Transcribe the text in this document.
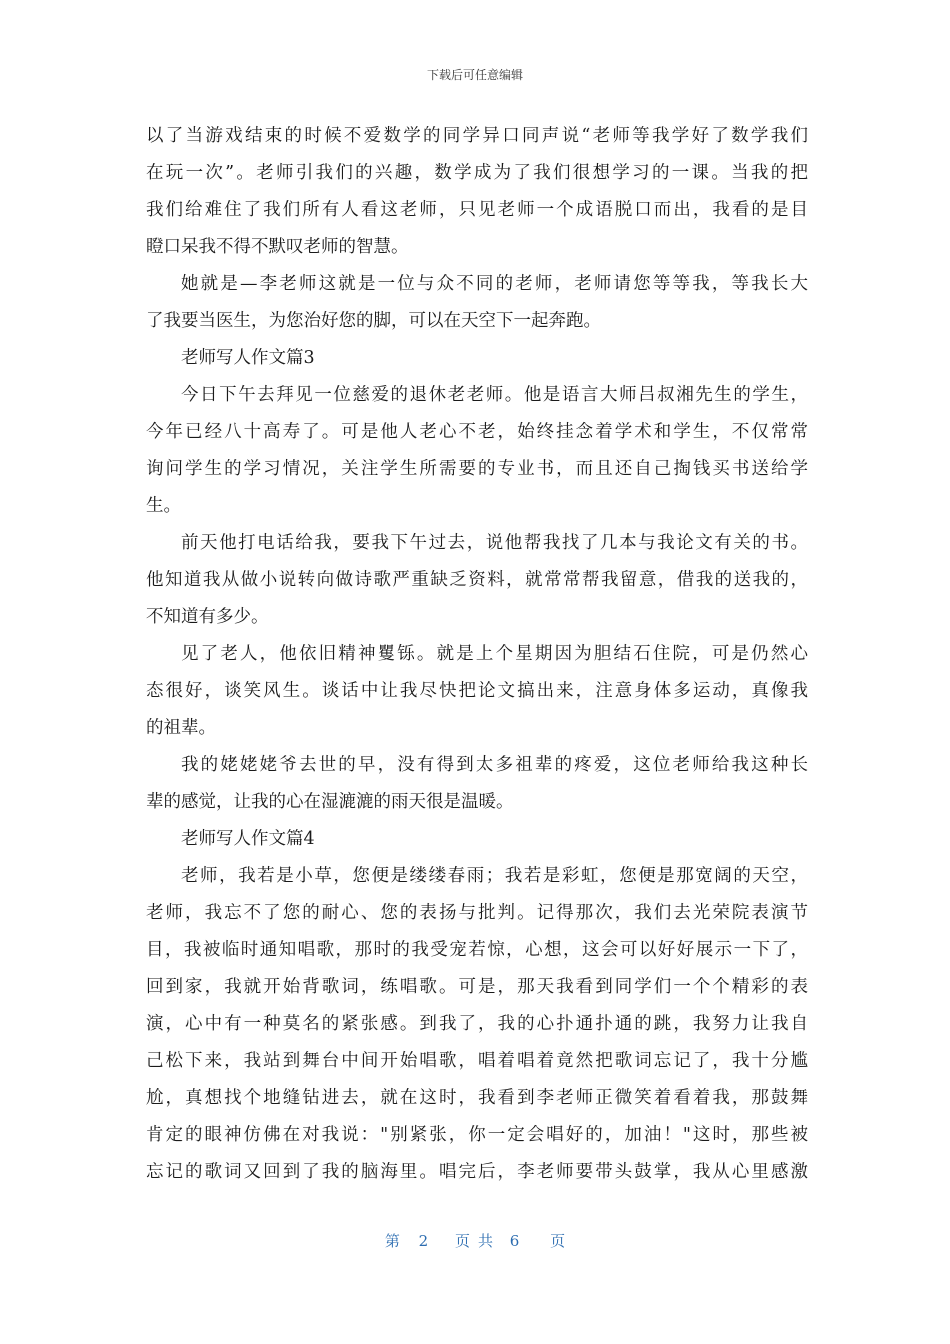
下载后可任意编辑
以了当游戏结束的时候不爱数学的同学异口同声说“老师等我学好了数学我们
在玩一次”。老师引我们的兴趣，数学成为了我们很想学习的一课。当我的把
我们给难住了我们所有人看这老师，只见老师一个成语脱口而出，我看的是目
瞪口呆我不得不默叹老师的智慧。
她就是—李老师这就是一位与众不同的老师，老师请您等等我，等我长大
了我要当医生，为您治好您的脚，可以在天空下一起奔跑。
老师写人作文篇3
今日下午去拜见一位慈爱的退休老老师。他是语言大师吕叔湘先生的学生，
今年已经八十高寿了。可是他人老心不老，始终挂念着学术和学生，不仅常常
询问学生的学习情况，关注学生所需要的专业书，而且还自己掏钱买书送给学
生。
前天他打电话给我，要我下午过去，说他帮我找了几本与我论文有关的书。
他知道我从做小说转向做诗歌严重缺乏资料，就常常帮我留意，借我的送我的，
不知道有多少。
见了老人，他依旧精神矍铄。就是上个星期因为胆结石住院，可是仍然心
态很好，谈笑风生。谈话中让我尽快把论文搞出来，注意身体多运动，真像我
的祖辈。
我的姥姥姥爷去世的早，没有得到太多祖辈的疼爱，这位老师给我这种长
辈的感觉，让我的心在湿漉漉的雨天很是温暖。
老师写人作文篇4
老师，我若是小草，您便是缕缕春雨；我若是彩虹，您便是那宽阔的天空，
老师，我忘不了您的耐心、您的表扬与批判。记得那次，我们去光荣院表演节
目，我被临时通知唱歌，那时的我受宠若惊，心想，这会可以好好展示一下了，
回到家，我就开始背歌词，练唱歌。可是，那天我看到同学们一个个精彩的表
演，心中有一种莫名的紧张感。到我了，我的心扑通扑通的跳，我努力让我自
己松下来，我站到舞台中间开始唱歌，唱着唱着竟然把歌词忘记了，我十分尴
尬，真想找个地缝钻进去，就在这时，我看到李老师正微笑着看着我，那鼓舞
肯定的眼神仿佛在对我说："别紧张，你一定会唱好的，加油！"这时，那些被
忘记的歌词又回到了我的脑海里。唱完后，李老师要带头鼓掌，我从心里感激
第 2 页共 6 页
